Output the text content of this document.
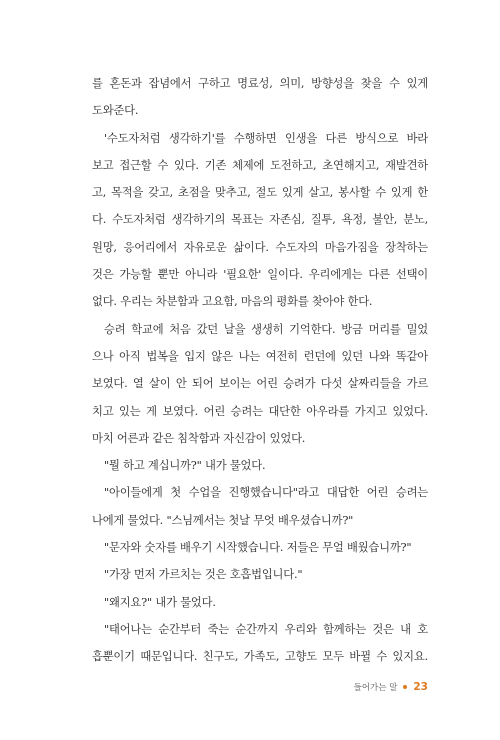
를 혼돈과 잡념에서 구하고 명료성, 의미, 방향성을 찾을 수 있게
도와준다.
'수도자처럼 생각하기'를 수행하면 인생을 다른 방식으로 바라
보고 접근할 수 있다. 기존 체제에 도전하고, 초연해지고, 재발견하
고, 목적을 갖고, 초점을 맞추고, 절도 있게 살고, 봉사할 수 있게 한
다. 수도자처럼 생각하기의 목표는 자존심, 질투, 욕정, 불안, 분노,
원망, 응어리에서 자유로운 삶이다. 수도자의 마음가짐을 장착하는
것은 가능할 뿐만 아니라 '필요한' 일이다. 우리에게는 다른 선택이
없다. 우리는 차분함과 고요함, 마음의 평화를 찾아야 한다.
승려 학교에 처음 갔던 날을 생생히 기억한다. 방금 머리를 밀었
으나 아직 법복을 입지 않은 나는 여전히 런던에 있던 나와 똑같아
보였다. 열 살이 안 되어 보이는 어린 승려가 다섯 살짜리들을 가르
치고 있는 게 보였다. 어린 승려는 대단한 아우라를 가지고 있었다.
마치 어른과 같은 침착함과 자신감이 있었다.
"뭘 하고 계십니까?" 내가 물었다.
"아이들에게 첫 수업을 진행했습니다"라고 대답한 어린 승려는
나에게 물었다. "스님께서는 첫날 무엇 배우셨습니까?"
"문자와 숫자를 배우기 시작했습니다. 저들은 무얼 배웠습니까?"
"가장 먼저 가르치는 것은 호흡법입니다."
"왜지요?" 내가 물었다.
"태어나는 순간부터 죽는 순간까지 우리와 함께하는 것은 내 호
흡뿐이기 때문입니다. 친구도, 가족도, 고향도 모두 바뀔 수 있지요.
들어가는 말 23
